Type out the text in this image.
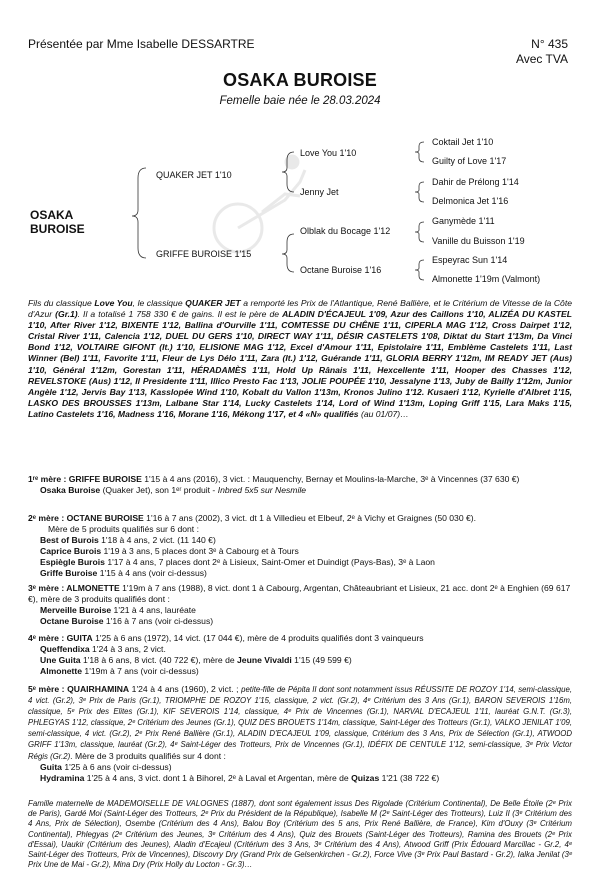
Présentée par Mme Isabelle DESSARTRE	N° 435
Avec TVA
OSAKA BUROISE
Femelle baie née le 28.03.2024
OSAKA
BUROISE
QUAKER JET 1'10
GRIFFE BUROISE 1'15
Love You 1'10
Jenny Jet
Olblak du Bocage 1'12
Octane Buroise 1'16
Coktail Jet 1'10
Guilty of Love 1'17
Dahir de Prélong 1'14
Delmonica Jet 1'16
Ganymède 1'11
Vanille du Buisson 1'19
Espeyrac Sun 1'14
Almonette 1'19m (Valmont)
Fils du classique Love You, le classique QUAKER JET a remporté les Prix de l'Atlantique, René Ballière, et le Critérium de Vitesse de la Côte d'Azur (Gr.1). Il a totalisé 1 758 330 € de gains. Il est le père de ALADIN D'ÉCAJEUL 1'09, Azur des Caillons 1'10, ALIZÉA DU KASTEL 1'10, After River 1'12, BIXENTE 1'12, Ballina d'Ourville 1'11, COMTESSE DU CHÊNE 1'11, CIPERLA MAG 1'12, Cross Dairpet 1'12, Cristal River 1'11, Calencia 1'12, DUEL DU GERS 1'10, DIRECT WAY 1'11, DÉSIR CASTELETS 1'08, Diktat du Start 1'13m, Da Vinci Bond 1'12, VOLTAIRE GIFONT (It.) 1'10, ELISIONE MAG 1'12, Excel d'Amour 1'11, Epistolaire 1'11, Emblème Castelets 1'11, Last Winner (Bel) 1'11, Favorite 1'11, Fleur de Lys Délo 1'11, Zara (It.) 1'12, Guérande 1'11, GLORIA BERRY 1'12m, IM READY JET (Aus) 1'10, Général 1'12m, Gorestan 1'11, HÉRADAMÈS 1'11, Hold Up Rânais 1'11, Hexcellente 1'11, Hooper des Chasses 1'12, REVELSTOKE (Aus) 1'12, Il Presidente 1'11, Illico Presto Fac 1'13, JOLIE POUPÉE 1'10, Jessalyne 1'13, Juby de Bailly 1'12m, Junior Angèle 1'12, Jervis Bay 1'13, Kasslopée Wind 1'10, Kobalt du Vallon 1'13m, Kronos Julino 1'12. Kusaeri 1'12, Kyrielle d'Albret 1'15, LASKO DES BROUSSES 1'13m, Lalbane Star 1'14, Lucky Castelets 1'14, Lord of Wind 1'13m, Loping Griff 1'15, Lara Maks 1'15, Latino Castelets 1'16, Madness 1'16, Morane 1'16, Mékong 1'17, et 4 «N» qualifiés (au 01/07)…

1ʳᵉ mère : GRIFFE BUROISE 1'15 à 4 ans (2016), 3 vict. : Mauquenchy, Bernay et Moulins-la-Marche, 3ᵉ à Vincennes (37 630 €)

Osaka Buroise (Quaker Jet), son 1ᵉʳ produit - Inbred 5x5 sur Nesmile

2ᵉ mère : OCTANE BUROISE 1'16 à 7 ans (2002), 3 vict. dt 1 à Villedieu et Elbeuf, 2ᵉ à Vichy et Graignes (50 030 €).

Mère de 5 produits qualifiés sur 6 dont :

Best of Burois 1'18 à 4 ans, 2 vict. (11 140 €)

Caprice Burois 1'19 à 3 ans, 5 places dont 3ᵉ à Cabourg et à Tours

Espiègle Burois 1'17 à 4 ans, 7 places dont 2ᵉ à Lisieux, Saint-Omer et Duindigt (Pays-Bas), 3ᵉ à Laon

Griffe Buroise 1'15 à 4 ans (voir ci-dessus)

3ᵉ mère : ALMONETTE 1'19m à 7 ans (1988), 8 vict. dont 1 à Cabourg, Argentan, Châteaubriant et Lisieux, 21 acc. dont 2ᵉ à Enghien (69 617 €), mère de 3 produits qualifiés dont :

Merveille Buroise 1'21 à 4 ans, lauréate

Octane Buroise 1'16 à 7 ans (voir ci-dessus)

4ᵉ mère : GUITA 1'25 à 6 ans (1972), 14 vict. (17 044 €), mère de 4 produits qualifiés dont 3 vainqueurs

Queffendixa 1'24 à 3 ans, 2 vict.

Une Guita 1'18 à 6 ans, 8 vict. (40 722 €), mère de Jeune Vivaldi 1'15 (49 599 €)

Almonette 1'19m à 7 ans (voir ci-dessus)

5ᵉ mère : QUAIRHAMINA 1'24 à 4 ans (1960), 2 vict. ; petite-fille de Pépita II dont sont notamment issus RÉUSSITE DE ROZOY 1'14, semi-classique, 4 vict. (Gr.2), 3ᵉ Prix de Paris (Gr.1), TRIOMPHE DE ROZOY 1'15, classique, 2 vict. (Gr.2), 4ᵉ Critérium des 3 Ans (Gr.1), BARON SEVEROIS 1'16m, classique, 5ᵉ Prix des Elites (Gr.1), KIF SEVEROIS 1'14, classique, 4ᵉ Prix de Vincennes (Gr.1), NARVAL D'ECAJEUL 1'11, lauréat G.N.T. (Gr.3), PHLEGYAS 1'12, classique, 2ᵉ Critérium des Jeunes (Gr.1), QUIZ DES BROUETS 1'14m, classique, Saint-Léger des Trotteurs (Gr.1), VALKO JENILAT 1'09, semi-classique, 4 vict. (Gr.2), 2ᵉ Prix René Ballière (Gr.1), ALADIN D'ECAJEUL 1'09, classique, Critérium des 3 Ans, Prix de Sélection (Gr.1), ATWOOD GRIFF 1'13m, classique, lauréat (Gr.2), 4ᵉ Saint-Léger des Trotteurs, Prix de Vincennes (Gr.1), IDÉFIX DE CENTULE 1'12, semi-classique, 3ᵉ Prix Victor Régis (Gr.2). Mère de 3 produits qualifiés sur 4 dont :

Guita 1'25 à 6 ans (voir ci-dessus)

Hydramina 1'25 à 4 ans, 3 vict. dont 1 à Bihorel, 2ᵉ à Laval et Argentan, mère de Quizas 1'21 (38 722 €)

Famille maternelle de MADEMOISELLE DE VALOGNES (1887), dont sont également issus Des Rigolade (Critérium Continental), De Belle Étoile (2ᵉ Prix de Paris), Gardé Moi (Saint-Léger des Trotteurs, 2ᵉ Prix du Président de la République), Isabelle M (2ᵉ Saint-Léger des Trotteurs), Luiz II (3ᵉ Critérium des 4 Ans, Prix de Sélection), Osembe (Critérium des 4 Ans), Balou Boy (Critérium des 5 ans, Prix René Ballière, de France), Kim d'Ouxy (3ᵉ Critérium Continental), Phlegyas (2ᵉ Critérium des Jeunes, 3ᵉ Critérium des 4 Ans), Quiz des Brouets (Saint-Léger des Trotteurs), Ramina des Brouets (2ᵉ Prix d'Essai), Uaukir (Critérium des Jeunes), Aladin d'Ecajeul (Critérium des 3 Ans, 3ᵉ Critérium des 4 Ans), Atwood Griff (Prix Édouard Marcillac - Gr.2, 4ᵉ Saint-Léger des Trotteurs, Prix de Vincennes), Discovry Dry (Grand Prix de Gelsenkirchen - Gr.2), Force Vive (3ᵉ Prix Paul Bastard - Gr.2), Ialka Jenilat (3ᵉ Prix Une de Mai - Gr.2), Mina Dry (Prix Holly du Locton - Gr.3)…
